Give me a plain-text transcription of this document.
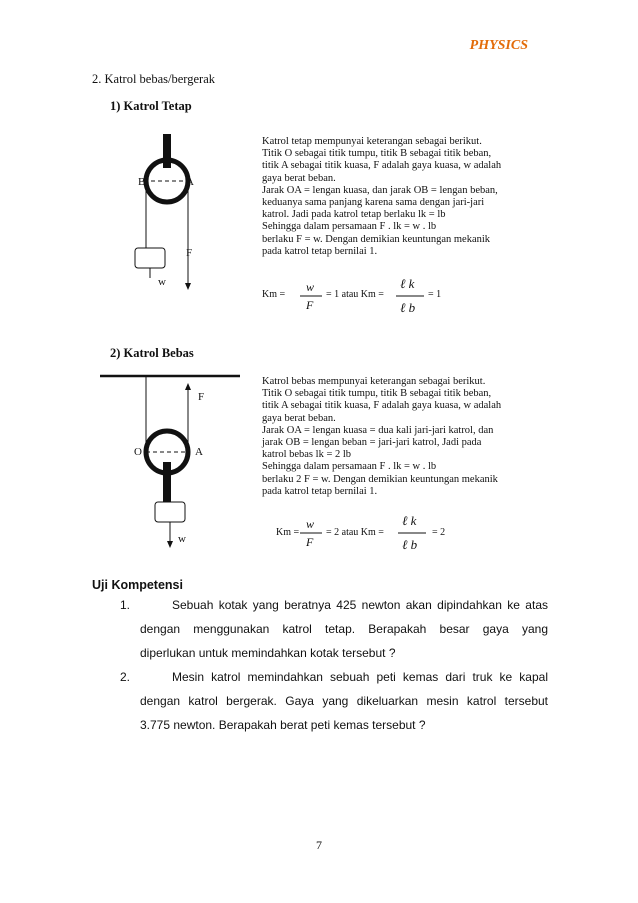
PHYSICS
2. Katrol bebas/bergerak
1) Katrol Tetap
B	A
F
w
Katrol tetap mempunyai keterangan sebagai berikut.
Titik O sebagai titik tumpu, titik B sebagai titik beban,
titik A sebagai titik kuasa, F adalah gaya kuasa, w adalah
gaya berat beban.
Jarak OA = lengan kuasa, dan jarak OB = lengan beban,
keduanya sama panjang karena sama dengan jari-jari
katrol. Jadi pada katrol tetap berlaku lk = lb
Sehingga dalam persamaan F . lk = w . lb
berlaku F = w. Dengan demikian keuntungan mekanik
pada katrol tetap bernilai 1.
Km =
w
F
= 1 atau Km =
ℓ k
ℓ b
= 1
2) Katrol Bebas
F
O	A
w
Katrol bebas mempunyai keterangan sebagai berikut.
Titik O sebagai titik tumpu, titik B sebagai titik beban,
titik A sebagai titik kuasa, F adalah gaya kuasa, w adalah
gaya berat beban.
Jarak OA = lengan kuasa = dua kali jari-jari katrol, dan
jarak OB = lengan beban = jari-jari katrol, Jadi pada
katrol bebas lk = 2 lb
Sehingga dalam persamaan F . lk = w . lb
berlaku 2 F = w. Dengan demikian keuntungan mekanik
pada katrol tetap bernilai 1.
Km =
w
F
= 2 atau Km =
ℓ k
ℓ b
= 2
Uji Kompetensi
1.	Sebuah kotak yang beratnya 425 newton akan dipindahkan ke atas
dengan menggunakan katrol tetap. Berapakah besar gaya yang
diperlukan untuk memindahkan kotak tersebut ?
2.	Mesin katrol memindahkan sebuah peti kemas dari truk ke kapal
dengan katrol bergerak. Gaya yang dikeluarkan mesin katrol tersebut
3.775 newton. Berapakah berat peti kemas tersebut ?
7
